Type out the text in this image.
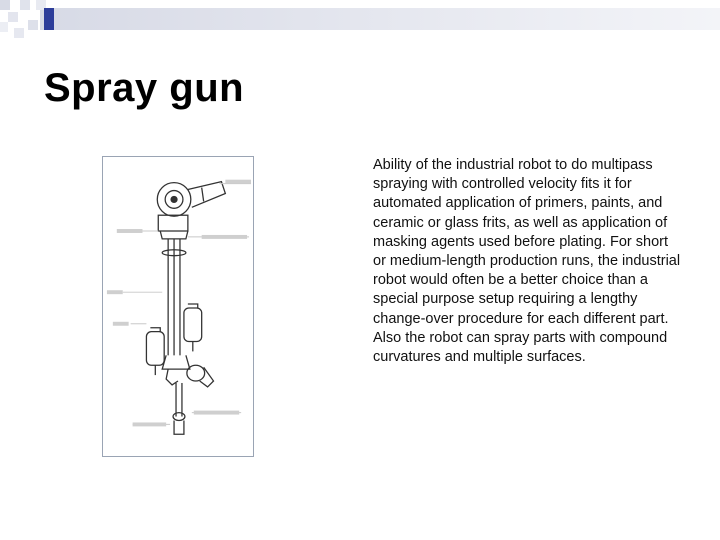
Spray gun

Ability of the industrial robot to do multipass spraying with controlled velocity fits it for automated application of primers, paints, and ceramic or glass frits, as well as application of masking agents used before plating. For short or medium‑length production runs, the industrial robot would often be a better choice than a special purpose setup requiring a lengthy change‑over procedure for each different part. Also the robot can spray parts with compound curvatures and multiple surfaces.
